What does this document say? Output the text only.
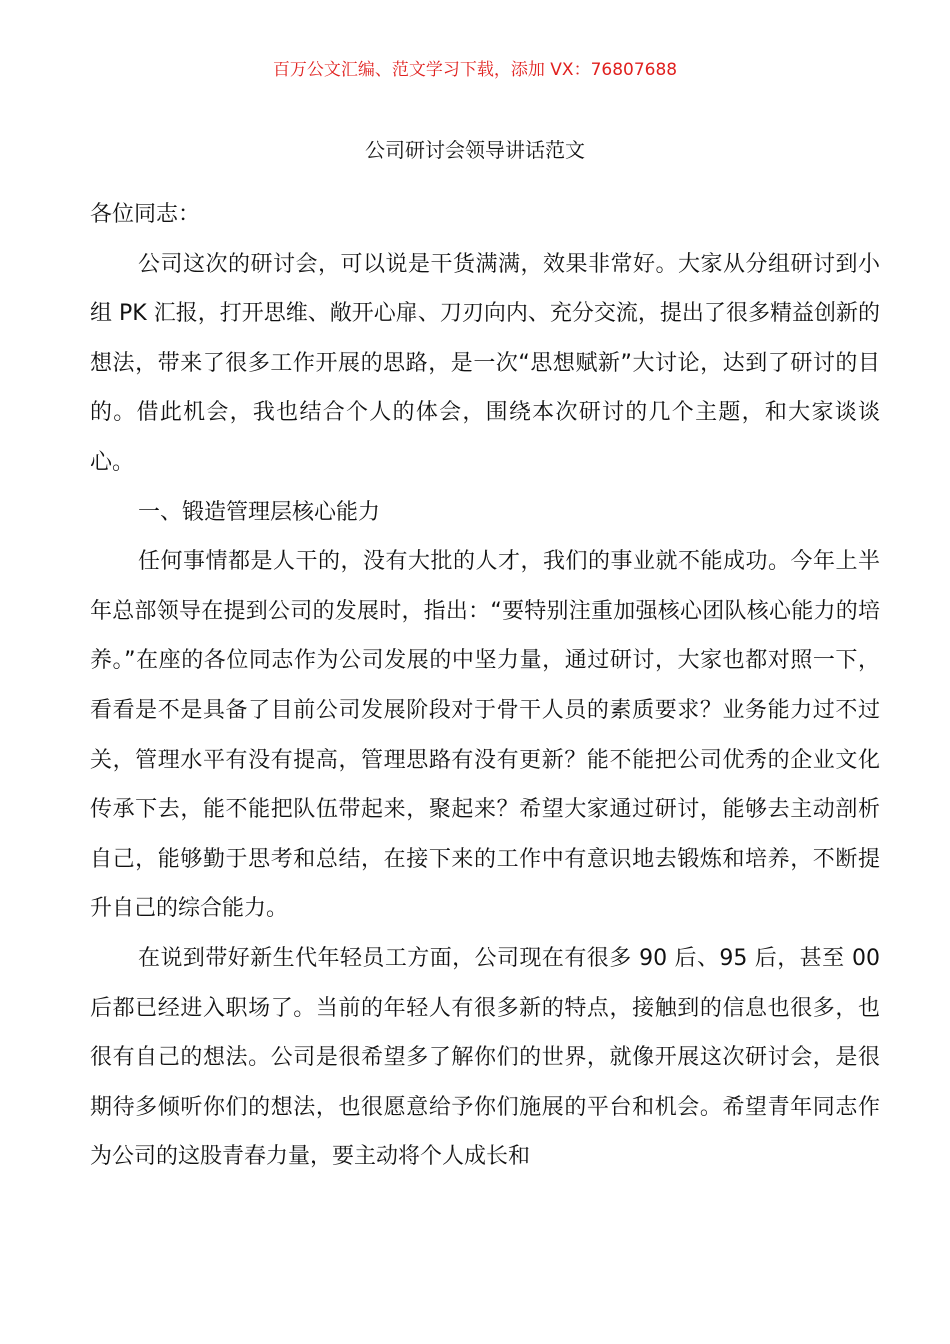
百万公文汇编、范文学习下载，添加 VX：76807688
公司研讨会领导讲话范文

各位同志：

公司这次的研讨会，可以说是干货满满，效果非常好。大家从分组研讨到小组 PK 汇报，打开思维、敞开心扉、刀刃向内、充分交流，提出了很多精益创新的想法，带来了很多工作开展的思路，是一次“思想赋新”大讨论，达到了研讨的目的。借此机会，我也结合个人的体会，围绕本次研讨的几个主题，和大家谈谈心。

一、锻造管理层核心能力

任何事情都是人干的，没有大批的人才，我们的事业就不能成功。今年上半年总部领导在提到公司的发展时，指出：“要特别注重加强核心团队核心能力的培养。”在座的各位同志作为公司发展的中坚力量，通过研讨，大家也都对照一下，看看是不是具备了目前公司发展阶段对于骨干人员的素质要求？业务能力过不过关，管理水平有没有提高，管理思路有没有更新？能不能把公司优秀的企业文化传承下去，能不能把队伍带起来，聚起来？希望大家通过研讨，能够去主动剖析自己，能够勤于思考和总结，在接下来的工作中有意识地去锻炼和培养，不断提升自己的综合能力。

在说到带好新生代年轻员工方面，公司现在有很多 90 后、95 后，甚至 00 后都已经进入职场了。当前的年轻人有很多新的特点，接触到的信息也很多，也很有自己的想法。公司是很希望多了解你们的世界，就像开展这次研讨会，是很期待多倾听你们的想法，也很愿意给予你们施展的平台和机会。希望青年同志作为公司的这股青春力量，要主动将个人成长和
